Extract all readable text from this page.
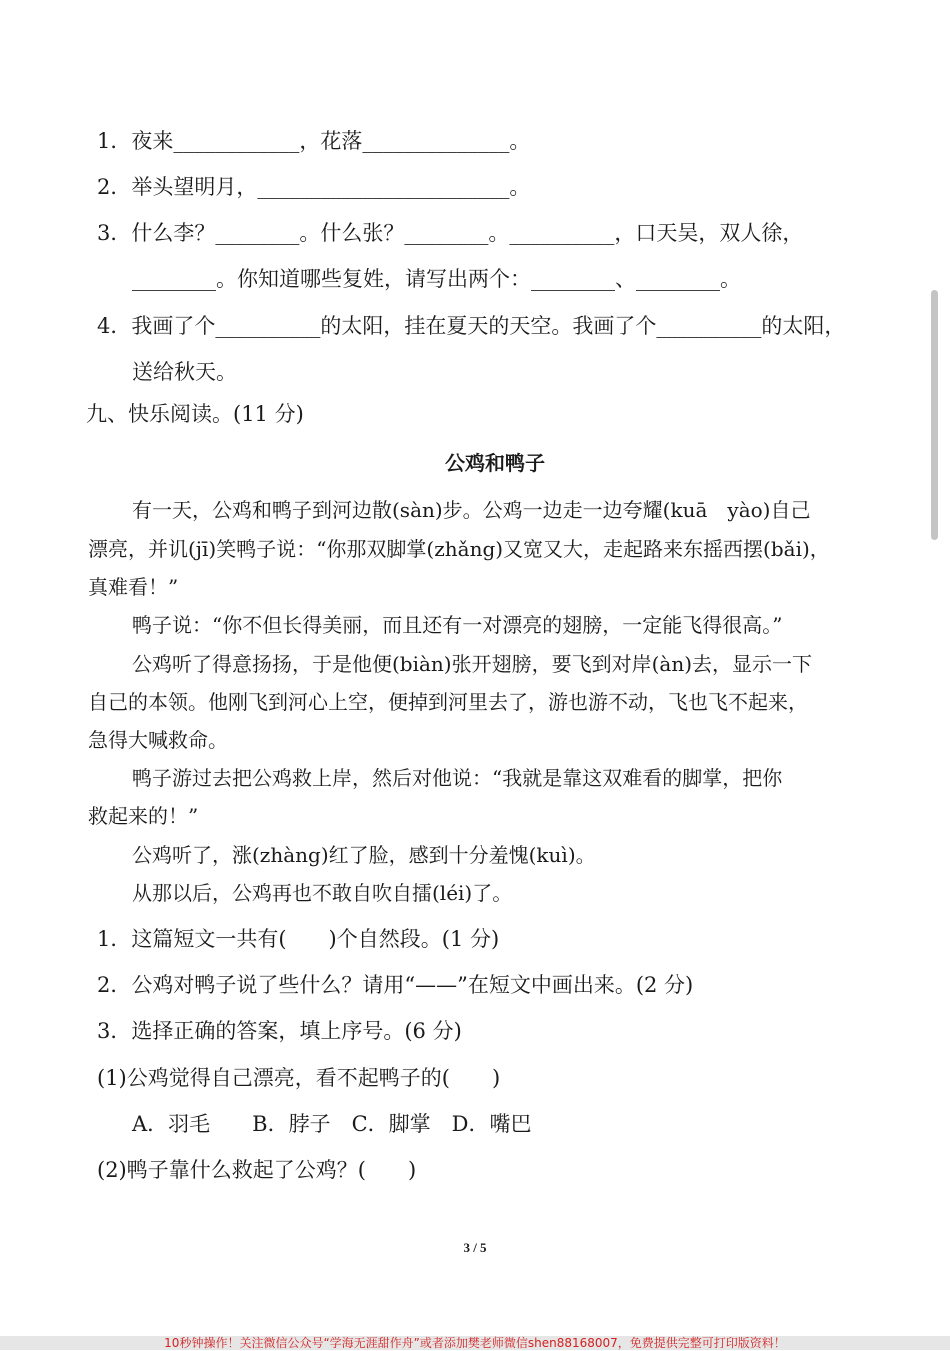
1．夜来____________，花落______________。
2．举头望明月，________________________。
3．什么李？________。什么张？________。__________，口天吴，双人徐，
________。你知道哪些复姓，请写出两个：________、________。
4．我画了个__________的太阳，挂在夏天的天空。我画了个__________的太阳，
送给秋天。
九、快乐阅读。(11 分)
公鸡和鸭子
有一天，公鸡和鸭子到河边散(sàn)步。公鸡一边走一边夸耀(kuā　yào)自己
漂亮，并讥(jī)笑鸭子说：“你那双脚掌(zhǎng)又宽又大，走起路来东摇西摆(bǎi)，
真难看！”
鸭子说：“你不但长得美丽，而且还有一对漂亮的翅膀，一定能飞得很高。”
公鸡听了得意扬扬，于是他便(biàn)张开翅膀，要飞到对岸(àn)去，显示一下
自己的本领。他刚飞到河心上空，便掉到河里去了，游也游不动，飞也飞不起来，
急得大喊救命。
鸭子游过去把公鸡救上岸，然后对他说：“我就是靠这双难看的脚掌，把你
救起来的！”
公鸡听了，涨(zhàng)红了脸，感到十分羞愧(kuì)。
从那以后，公鸡再也不敢自吹自擂(léi)了。
1．这篇短文一共有(　　)个自然段。(1 分)
2．公鸡对鸭子说了些什么？请用“——”在短文中画出来。(2 分)
3．选择正确的答案，填上序号。(6 分)
(1)公鸡觉得自己漂亮，看不起鸭子的(　　)
A．羽毛　　B．脖子　C．脚掌　D．嘴巴
(2)鸭子靠什么救起了公鸡？(　　)
3 / 5
10秒钟操作！关注微信公众号“学海无涯甜作舟”或者添加樊老师微信shen88168007，免费提供完整可打印版资料！
